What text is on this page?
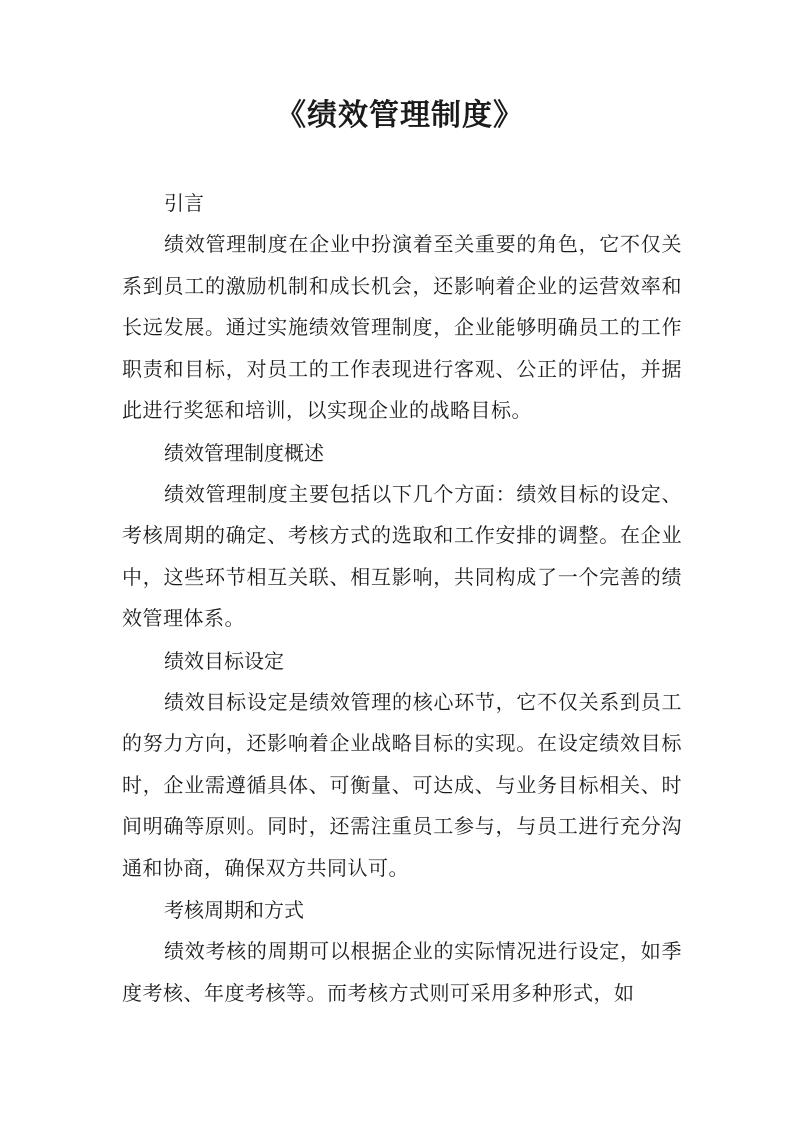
《绩效管理制度》
引言

绩效管理制度在企业中扮演着至关重要的角色，它不仅关系到员工的激励机制和成长机会，还影响着企业的运营效率和长远发展。通过实施绩效管理制度，企业能够明确员工的工作职责和目标，对员工的工作表现进行客观、公正的评估，并据此进行奖惩和培训，以实现企业的战略目标。

绩效管理制度概述

绩效管理制度主要包括以下几个方面：绩效目标的设定、考核周期的确定、考核方式的选取和工作安排的调整。在企业中，这些环节相互关联、相互影响，共同构成了一个完善的绩效管理体系。

绩效目标设定

绩效目标设定是绩效管理的核心环节，它不仅关系到员工的努力方向，还影响着企业战略目标的实现。在设定绩效目标时，企业需遵循具体、可衡量、可达成、与业务目标相关、时间明确等原则。同时，还需注重员工参与，与员工进行充分沟通和协商，确保双方共同认可。

考核周期和方式

绩效考核的周期可以根据企业的实际情况进行设定，如季度考核、年度考核等。而考核方式则可采用多种形式，如
